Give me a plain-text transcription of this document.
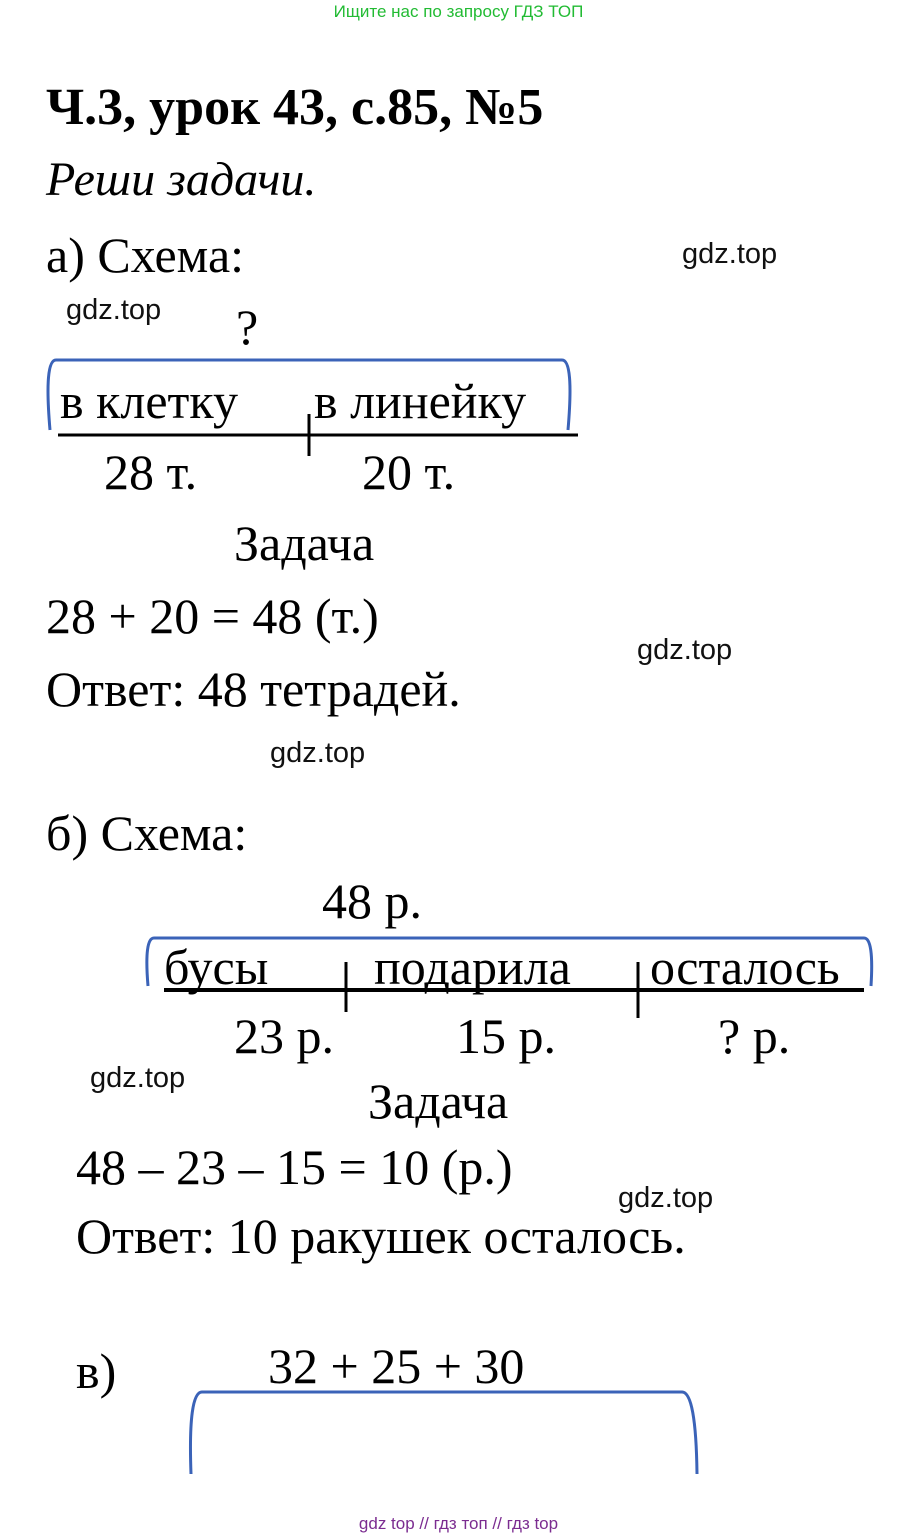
Ищите нас по запросу ГДЗ ТОП
Ч.3, урок 43, с.85, №5
Реши задачи.
а) Схема:	gdz.top
gdz.top ?
в клетку в линейку
28 т.	20 т.
Задача
28 + 20 = 48 (т.)
gdz.top
Ответ: 48 тетрадей.
gdz.top
б) Схема:
48 р.
бусы подарила осталось
23 р. 15 р.	? р.
gdz.top	Задача
48 – 23 – 15 = 10 (р.)
gdz.top
Ответ: 10 ракушек осталось.
в)	32 + 25 + 30
gdz top // гдз топ // гдз top
